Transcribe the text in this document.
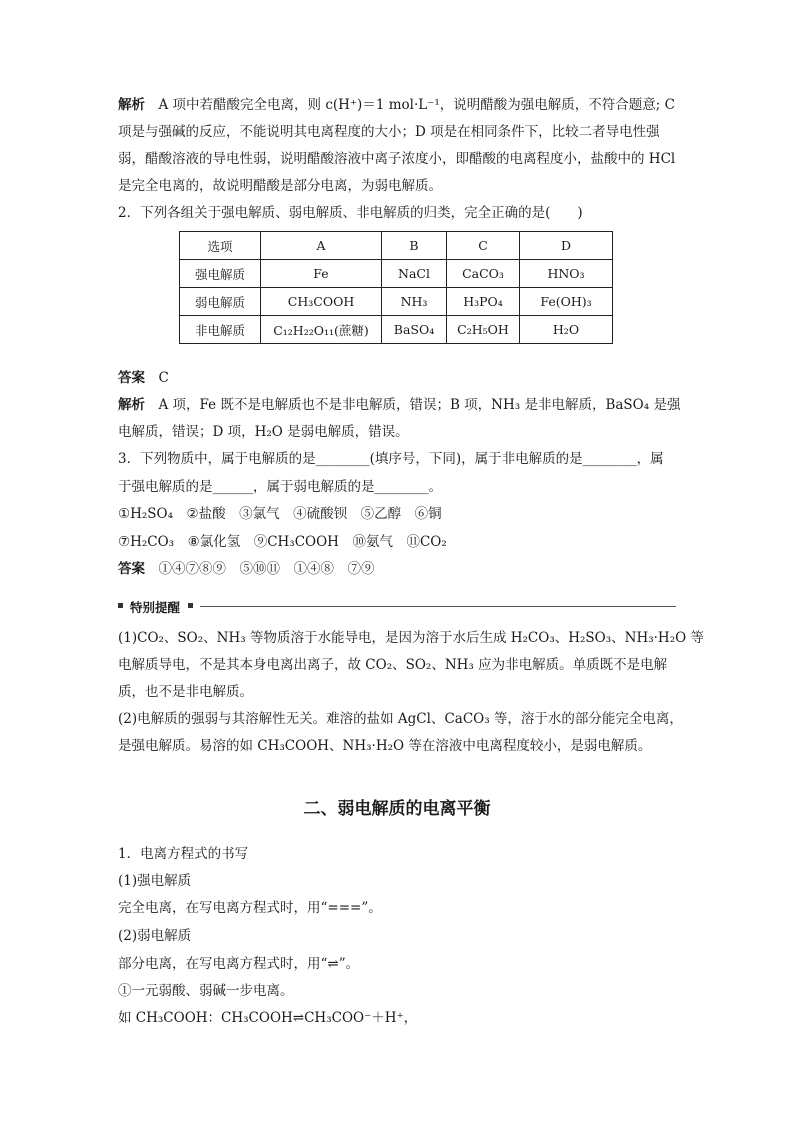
解析　 A 项中若醋酸完全电离，则 c(H⁺)＝1 mol·L⁻¹，说明醋酸为强电解质，不符合题意; C
项是与强碱的反应，不能说明其电离程度的大小；D 项是在相同条件下，比较二者导电性强
弱，醋酸溶液的导电性弱，说明醋酸溶液中离子浓度小，即醋酸的电离程度小，盐酸中的 HCl
是完全电离的，故说明醋酸是部分电离，为弱电解质。
2．下列各组关于强电解质、弱电解质、非电解质的归类，完全正确的是(　　)
选项	A	B	C	D
强电解质	Fe	NaCl	CaCO₃	HNO₃
弱电解质	CH₃COOH	NH₃	H₃PO₄	Fe(OH)₃
非电解质	C₁₂H₂₂O₁₁(蔗糖)	BaSO₄	C₂H₅OH	H₂O
答案　 C
解析　 A 项，Fe 既不是电解质也不是非电解质，错误；B 项，NH₃ 是非电解质，BaSO₄ 是强
电解质，错误；D 项，H₂O 是弱电解质，错误。
3．下列物质中，属于电解质的是________(填序号，下同)，属于非电解质的是________，属
于强电解质的是______，属于弱电解质的是________。
①H₂SO₄　②盐酸　③氯气　④硫酸钡　⑤乙醇　⑥铜
⑦H₂CO₃　⑧氯化氢　⑨CH₃COOH　⑩氨气　⑪CO₂
答案　 ①④⑦⑧⑨　⑤⑩⑪　①④⑧　⑦⑨
特别提醒
(1)CO₂、SO₂、NH₃ 等物质溶于水能导电，是因为溶于水后生成 H₂CO₃、H₂SO₃、NH₃·H₂O 等
电解质导电，不是其本身电离出离子，故 CO₂、SO₂、NH₃ 应为非电解质。单质既不是电解
质，也不是非电解质。
(2)电解质的强弱与其溶解性无关。难溶的盐如 AgCl、CaCO₃ 等，溶于水的部分能完全电离，
是强电解质。易溶的如 CH₃COOH、NH₃·H₂O 等在溶液中电离程度较小，是弱电解质。
二、弱电解质的电离平衡
1．电离方程式的书写
(1)强电解质
完全电离，在写电离方程式时，用“===”。
(2)弱电解质
部分电离，在写电离方程式时，用“⇌”。
①一元弱酸、弱碱一步电离。
如 CH₃COOH：CH₃COOH⇌CH₃COO⁻＋H⁺，
